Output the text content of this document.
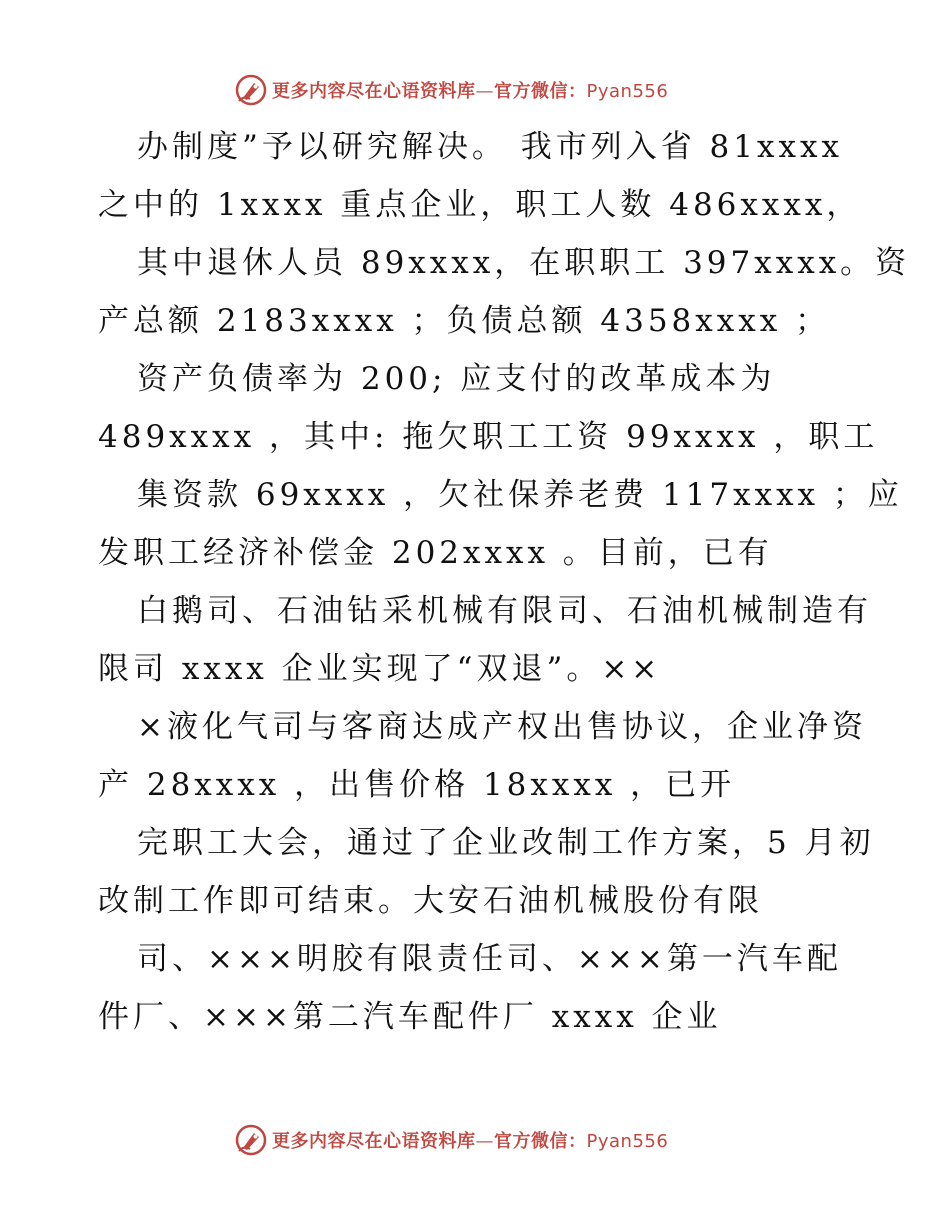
更多内容尽在心语资料库—官方微信：Pyan556
办制度”予以研究解决。 我市列入省 81xxxx
之中的 1xxxx 重点企业，职工人数 486xxxx，
其中退休人员 89xxxx，在职职工 397xxxx。资
产总额 2183xxxx ；负债总额 4358xxxx ；
资产负债率为 200; 应支付的改革成本为
489xxxx ，其中: 拖欠职工工资 99xxxx ，职工
集资款 69xxxx ，欠社保养老费 117xxxx ；应
发职工经济补偿金 202xxxx 。目前，已有
白鹅司、石油钻采机械有限司、石油机械制造有
限司 xxxx 企业实现了“双退”。××
×液化气司与客商达成产权出售协议，企业净资
产 28xxxx ，出售价格 18xxxx ，已开
完职工大会，通过了企业改制工作方案，5 月初
改制工作即可结束。大安石油机械股份有限
司、×××明胶有限责任司、×××第一汽车配
件厂、×××第二汽车配件厂 xxxx 企业
更多内容尽在心语资料库—官方微信：Pyan556
